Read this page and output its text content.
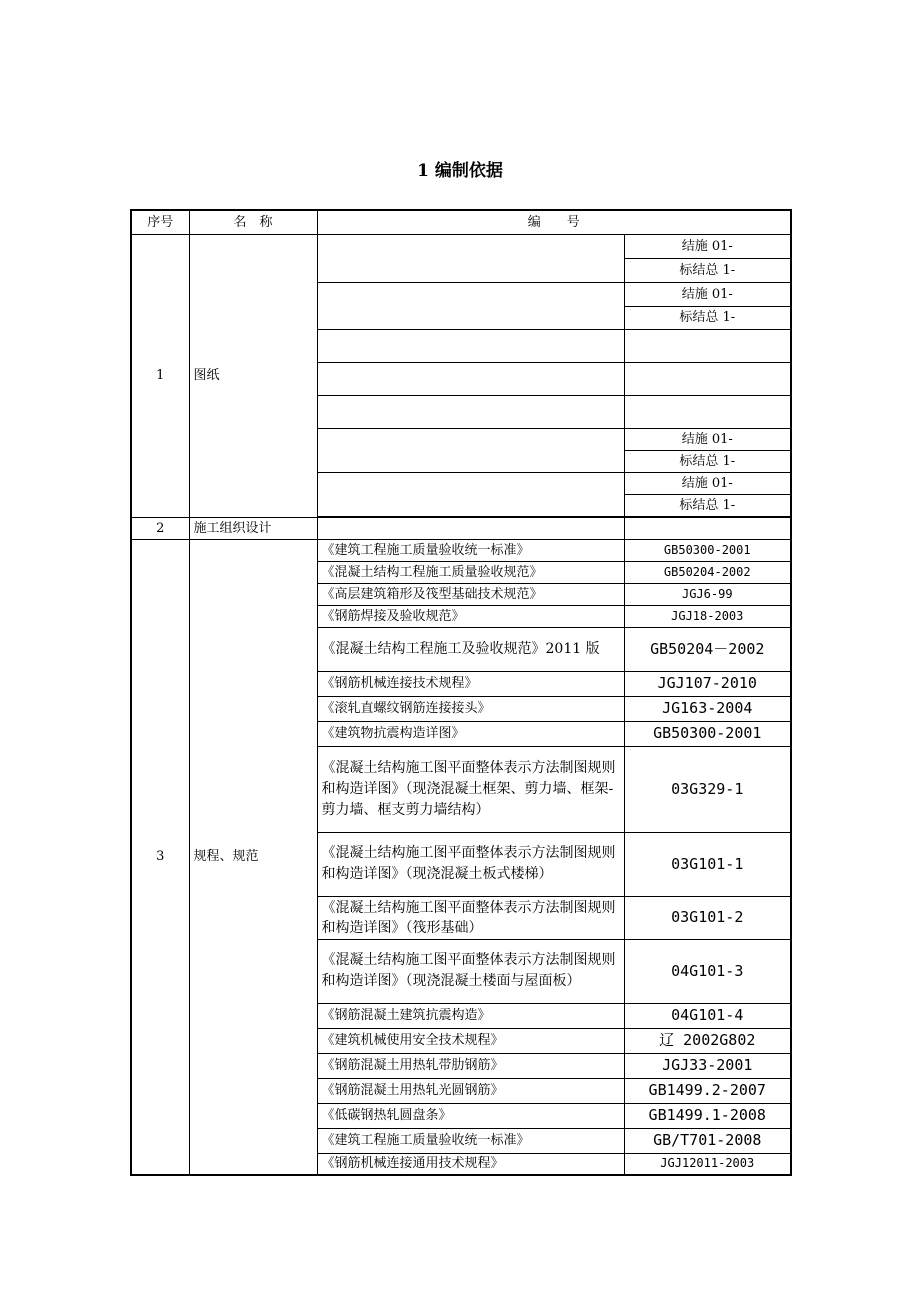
1 编制依据
序号	名　称	编　　号	
1	图纸		结施 01-
			标结总 1-
			结施 01-
			标结总 1-

			结施 01-
			标结总 1-
			结施 01-
			标结总 1-

2	施工组织设计		
3	规程、规范	《建筑工程施工质量验收统一标准》	GB50300-2001
		《混凝土结构工程施工质量验收规范》	GB50204-2002
		《高层建筑箱形及筏型基础技术规范》	JGJ6-99
		《钢筋焊接及验收规范》	JGJ18-2003
		《混凝土结构工程施工及验收规范》2011 版	GB50204－2002
		《钢筋机械连接技术规程》	JGJ107-2010
		《滚轧直螺纹钢筋连接接头》	JG163-2004
		《建筑物抗震构造详图》	GB50300-2001
		《混凝土结构施工图平面整体表示方法制图规则和构造详图》（现浇混凝土框架、剪力墙、框架-剪力墙、框支剪力墙结构）	03G329-1
		《混凝土结构施工图平面整体表示方法制图规则和构造详图》（现浇混凝土板式楼梯）	03G101-1
		《混凝土结构施工图平面整体表示方法制图规则和构造详图》（筏形基础）	03G101-2
		《混凝土结构施工图平面整体表示方法制图规则和构造详图》（现浇混凝土楼面与屋面板）	04G101-3
		《钢筋混凝土建筑抗震构造》	04G101-4
		《建筑机械使用安全技术规程》	辽 2002G802
		《钢筋混凝土用热轧带肋钢筋》	JGJ33-2001
		《钢筋混凝土用热轧光圆钢筋》	GB1499.2-2007
		《低碳钢热轧圆盘条》	GB1499.1-2008
		《建筑工程施工质量验收统一标准》	GB/T701-2008
		《钢筋机械连接通用技术规程》	JGJ12011-2003
